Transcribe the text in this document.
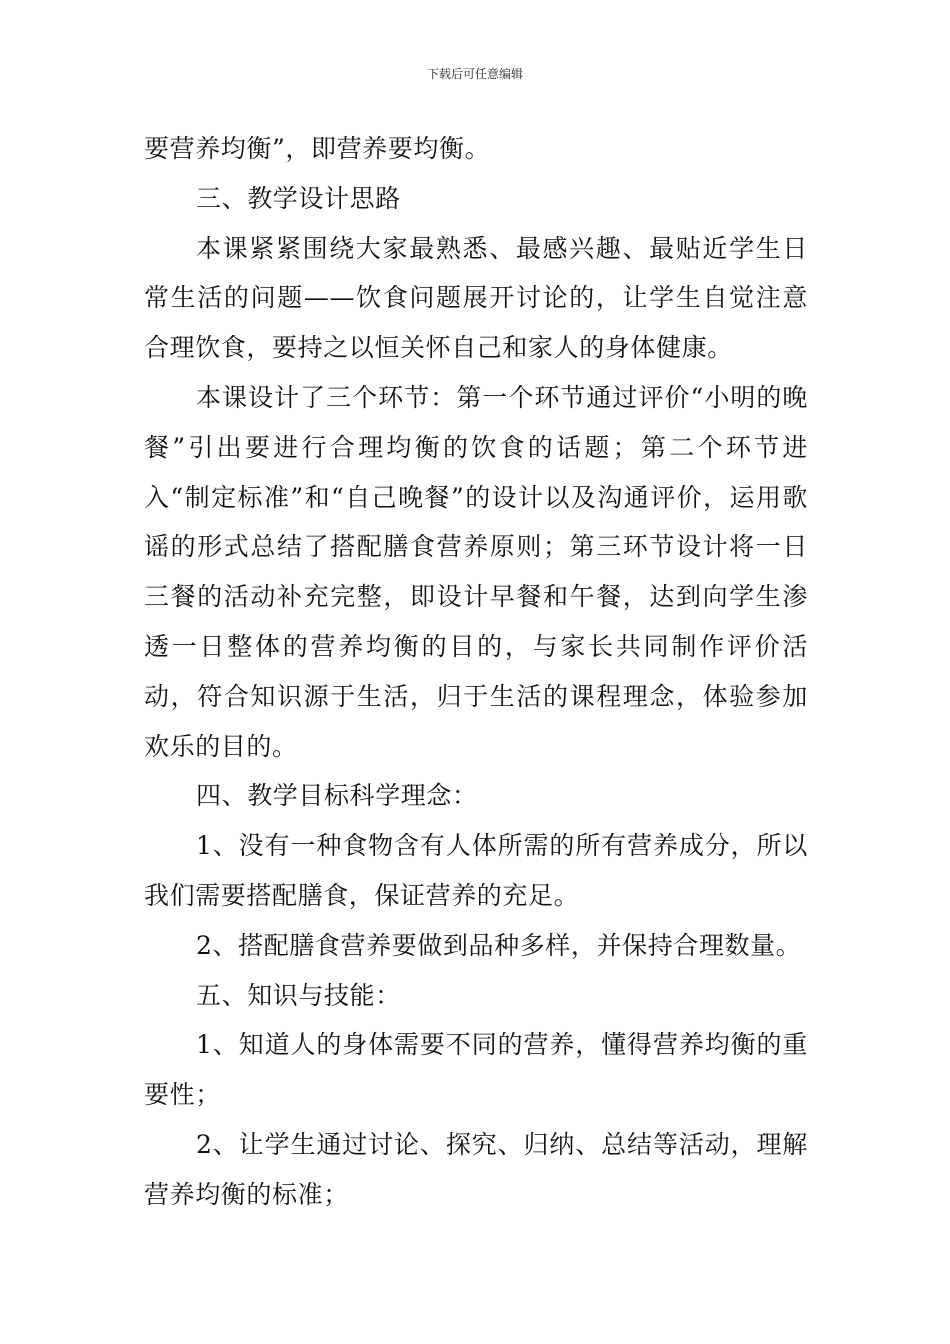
下载后可任意编辑

要营养均衡”，即营养要均衡。

三、教学设计思路

本课紧紧围绕大家最熟悉、最感兴趣、最贴近学生日常生活的问题——饮食问题展开讨论的，让学生自觉注意合理饮食，要持之以恒关怀自己和家人的身体健康。

本课设计了三个环节：第一个环节通过评价“小明的晚餐”引出要进行合理均衡的饮食的话题；第二个环节进入“制定标准”和“自己晚餐”的设计以及沟通评价，运用歌谣的形式总结了搭配膳食营养原则；第三环节设计将一日三餐的活动补充完整，即设计早餐和午餐，达到向学生渗透一日整体的营养均衡的目的，与家长共同制作评价活动，符合知识源于生活，归于生活的课程理念，体验参加欢乐的目的。

四、教学目标科学理念：

1、没有一种食物含有人体所需的所有营养成分，所以我们需要搭配膳食，保证营养的充足。

2、搭配膳食营养要做到品种多样，并保持合理数量。

五、知识与技能：

1、知道人的身体需要不同的营养，懂得营养均衡的重要性；

2、让学生通过讨论、探究、归纳、总结等活动，理解营养均衡的标准；
